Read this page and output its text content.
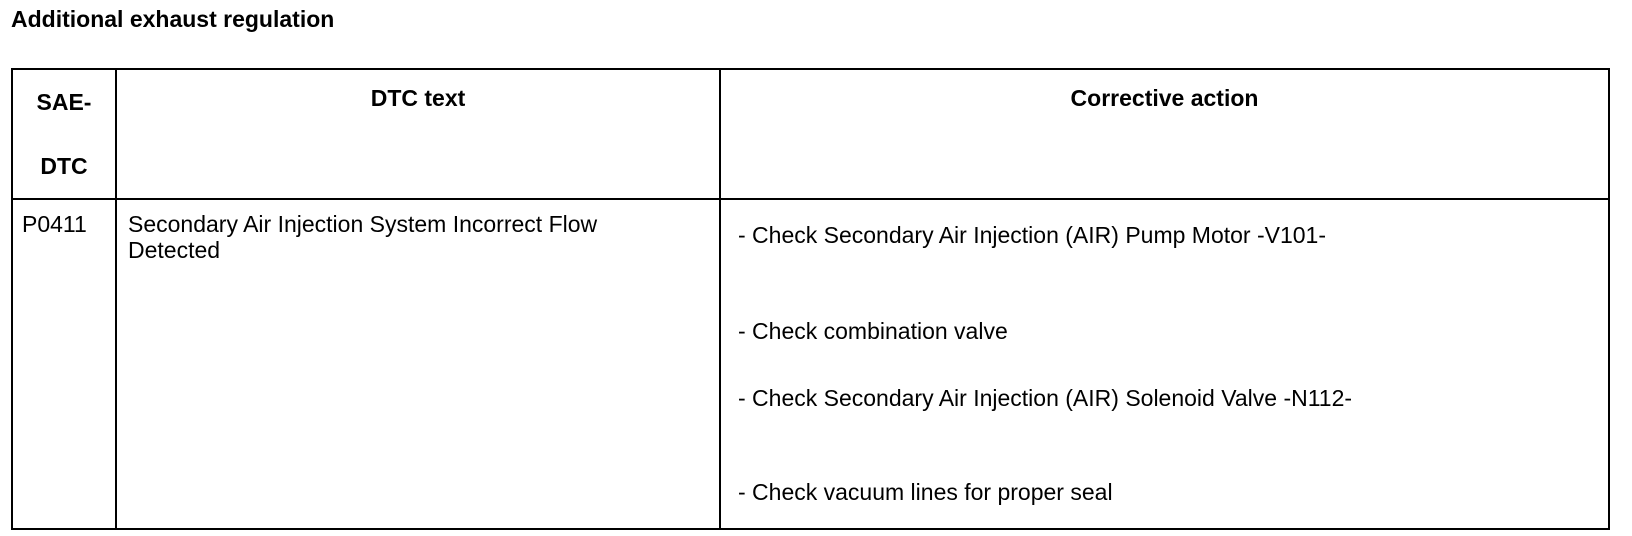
Additional exhaust regulation
SAE-
DTC	DTC text	Corrective action
P0411	Secondary Air Injection System Incorrect Flow Detected	- Check Secondary Air Injection (AIR) Pump Motor -V101-
- Check combination valve
- Check Secondary Air Injection (AIR) Solenoid Valve -N112-
- Check vacuum lines for proper seal
